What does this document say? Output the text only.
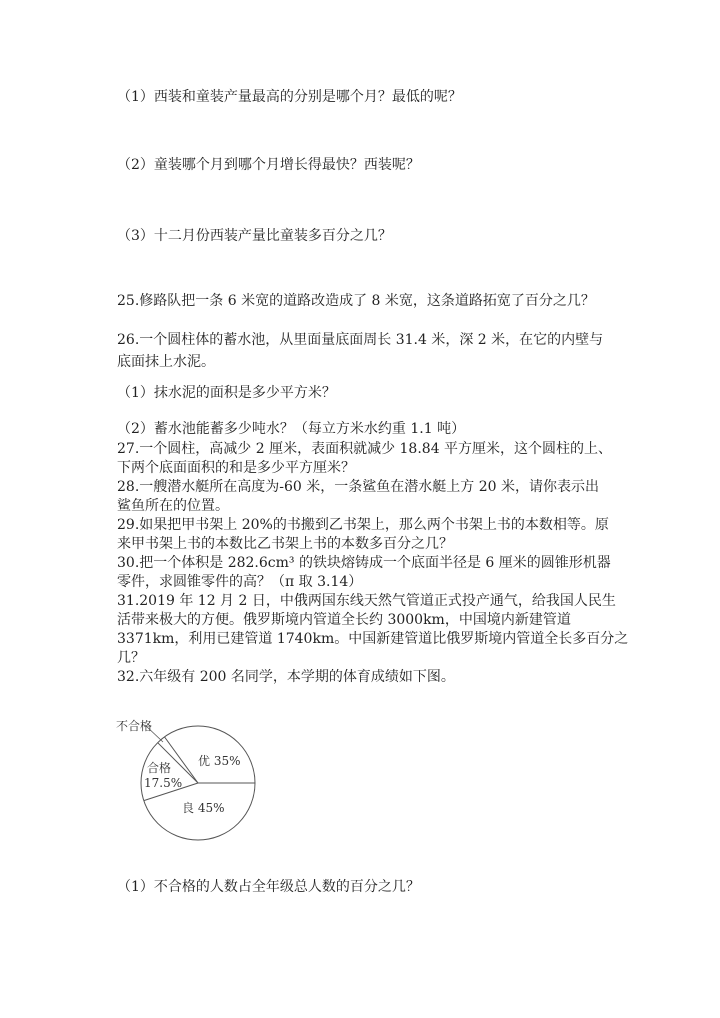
（1）西装和童装产量最高的分别是哪个月？最低的呢？
（2）童装哪个月到哪个月增长得最快？西装呢？
（3）十二月份西装产量比童装多百分之几？
25.修路队把一条 6 米宽的道路改造成了 8 米宽，这条道路拓宽了百分之几？
26.一个圆柱体的蓄水池，从里面量底面周长 31.4 米，深 2 米，在它的内壁与
底面抹上水泥。
（1）抹水泥的面积是多少平方米？
（2）蓄水池能蓄多少吨水？（每立方米水约重 1.1 吨）
27.一个圆柱，高减少 2 厘米，表面积就减少 18.84 平方厘米，这个圆柱的上、
下两个底面面积的和是多少平方厘米？
28.一艘潜水艇所在高度为-60 米，一条鲨鱼在潜水艇上方 20 米，请你表示出
鲨鱼所在的位置。
29.如果把甲书架上 20%的书搬到乙书架上，那么两个书架上书的本数相等。原
来甲书架上书的本数比乙书架上书的本数多百分之几？
30.把一个体积是 282.6cm³ 的铁块熔铸成一个底面半径是 6 厘米的圆锥形机器
零件，求圆锥零件的高？（π 取 3.14）
31.2019 年 12 月 2 日，中俄两国东线天然气管道正式投产通气，给我国人民生
活带来极大的方便。俄罗斯境内管道全长约 3000km，中国境内新建管道
3371km，利用已建管道 1740km。中国新建管道比俄罗斯境内管道全长多百分之
几？
32.六年级有 200 名同学，本学期的体育成绩如下图。
（1）不合格的人数占全年级总人数的百分之几？
不合格
合格
17.5%
优 35%
良 45%
